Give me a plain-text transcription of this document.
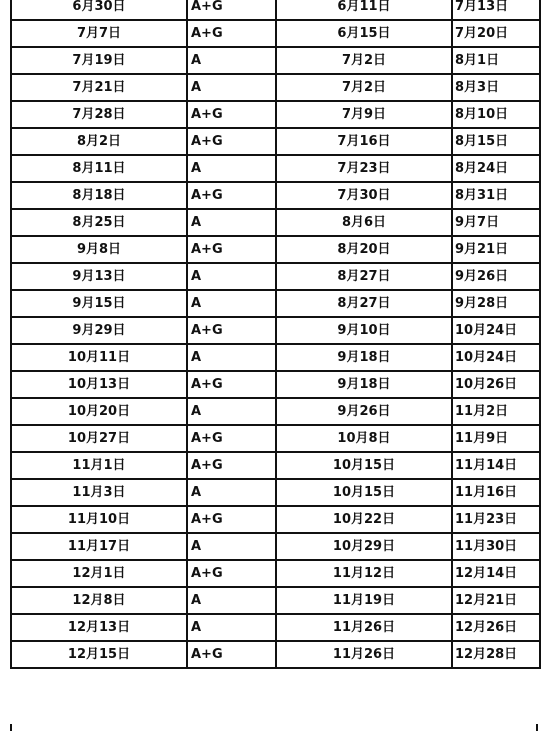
6月30日	A+G	6月11日	7月13日
7月7日	A+G	6月15日	7月20日
7月19日	A	7月2日	8月1日
7月21日	A	7月2日	8月3日
7月28日	A+G	7月9日	8月10日
8月2日	A+G	7月16日	8月15日
8月11日	A	7月23日	8月24日
8月18日	A+G	7月30日	8月31日
8月25日	A	8月6日	9月7日
9月8日	A+G	8月20日	9月21日
9月13日	A	8月27日	9月26日
9月15日	A	8月27日	9月28日
9月29日	A+G	9月10日	10月24日
10月11日	A	9月18日	10月24日
10月13日	A+G	9月18日	10月26日
10月20日	A	9月26日	11月2日
10月27日	A+G	10月8日	11月9日
11月1日	A+G	10月15日	11月14日
11月3日	A	10月15日	11月16日
11月10日	A+G	10月22日	11月23日
11月17日	A	10月29日	11月30日
12月1日	A+G	11月12日	12月14日
12月8日	A	11月19日	12月21日
12月13日	A	11月26日	12月26日
12月15日	A+G	11月26日	12月28日
